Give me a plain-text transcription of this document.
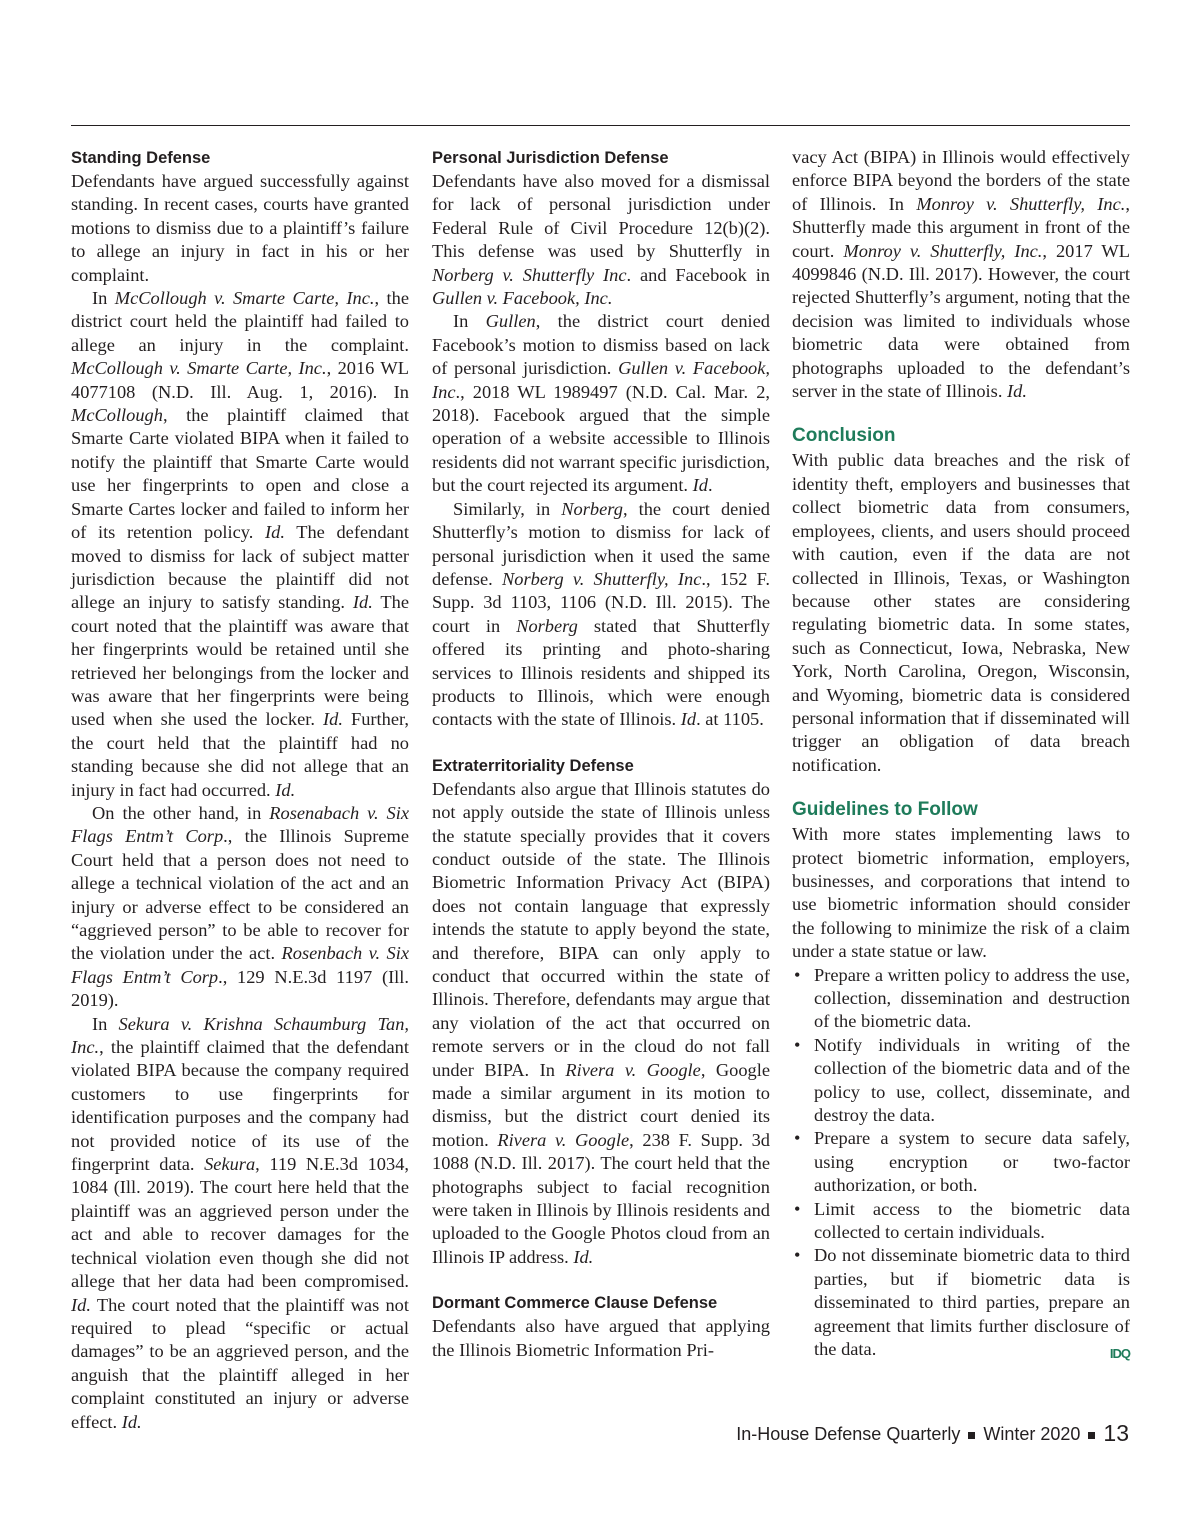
Standing Defense

Defendants have argued successfully against standing. In recent cases, courts have granted motions to dismiss due to a plaintiff’s failure to allege an injury in fact in his or her complaint.

In McCollough v. Smarte Carte, Inc., the district court held the plaintiff had failed to allege an injury in the complaint. McCollough v. Smarte Carte, Inc., 2016 WL 4077108 (N.D. Ill. Aug. 1, 2016). In McCollough, the plaintiff claimed that Smarte Carte violated BIPA when it failed to notify the plaintiff that Smarte Carte would use her fingerprints to open and close a Smarte Cartes locker and failed to inform her of its retention policy. Id. The defendant moved to dismiss for lack of subject matter jurisdiction because the plaintiff did not allege an injury to satisfy standing. Id. The court noted that the plaintiff was aware that her fingerprints would be retained until she retrieved her belongings from the locker and was aware that her fingerprints were being used when she used the locker. Id. Further, the court held that the plaintiff had no standing because she did not allege that an injury in fact had occurred. Id.

On the other hand, in Rosenabach v. Six Flags Entm’t Corp., the Illinois Supreme Court held that a person does not need to allege a technical violation of the act and an injury or adverse effect to be considered an “aggrieved person” to be able to recover for the violation under the act. Rosenbach v. Six Flags Entm’t Corp., 129 N.E.3d 1197 (Ill. 2019).

In Sekura v. Krishna Schaumburg Tan, Inc., the plaintiff claimed that the defendant violated BIPA because the company required customers to use fingerprints for identification purposes and the company had not provided notice of its use of the fingerprint data. Sekura, 119 N.E.3d 1034, 1084 (Ill. 2019). The court here held that the plaintiff was an aggrieved person under the act and able to recover damages for the technical violation even though she did not allege that her data had been compromised. Id. The court noted that the plaintiff was not required to plead “specific or actual damages” to be an aggrieved person, and the anguish that the plaintiff alleged in her complaint constituted an injury or adverse effect. Id.

Personal Jurisdiction Defense

Defendants have also moved for a dismissal for lack of personal jurisdiction under Federal Rule of Civil Procedure 12(b)(2). This defense was used by Shutterfly in Norberg v. Shutterfly Inc. and Facebook in Gullen v. Facebook, Inc.

In Gullen, the district court denied Facebook’s motion to dismiss based on lack of personal jurisdiction. Gullen v. Facebook, Inc., 2018 WL 1989497 (N.D. Cal. Mar. 2, 2018). Facebook argued that the simple operation of a website accessible to Illinois residents did not warrant specific jurisdiction, but the court rejected its argument. Id.

Similarly, in Norberg, the court denied Shutterfly’s motion to dismiss for lack of personal jurisdiction when it used the same defense. Norberg v. Shutterfly, Inc., 152 F. Supp. 3d 1103, 1106 (N.D. Ill. 2015). The court in Norberg stated that Shutterfly offered its printing and photo-sharing services to Illinois residents and shipped its products to Illinois, which were enough contacts with the state of Illinois. Id. at 1105.

Extraterritoriality Defense

Defendants also argue that Illinois statutes do not apply outside the state of Illinois unless the statute specially provides that it covers conduct outside of the state. The Illinois Biometric Information Privacy Act (BIPA) does not contain language that expressly intends the statute to apply beyond the state, and therefore, BIPA can only apply to conduct that occurred within the state of Illinois. Therefore, defendants may argue that any violation of the act that occurred on remote servers or in the cloud do not fall under BIPA. In Rivera v. Google, Google made a similar argument in its motion to dismiss, but the district court denied its motion. Rivera v. Google, 238 F. Supp. 3d 1088 (N.D. Ill. 2017). The court held that the photographs subject to facial recognition were taken in Illinois by Illinois residents and uploaded to the Google Photos cloud from an Illinois IP address. Id.

Dormant Commerce Clause Defense

Defendants also have argued that applying the Illinois Biometric Information Pri-

vacy Act (BIPA) in Illinois would effectively enforce BIPA beyond the borders of the state of Illinois. In Monroy v. Shutterfly, Inc., Shutterfly made this argument in front of the court. Monroy v. Shutterfly, Inc., 2017 WL 4099846 (N.D. Ill. 2017). However, the court rejected Shutterfly’s argument, noting that the decision was limited to individuals whose biometric data were obtained from photographs uploaded to the defendant’s server in the state of Illinois. Id.

Conclusion

With public data breaches and the risk of identity theft, employers and businesses that collect biometric data from consumers, employees, clients, and users should proceed with caution, even if the data are not collected in Illinois, Texas, or Washington because other states are considering regulating biometric data. In some states, such as Connecticut, Iowa, Nebraska, New York, North Carolina, Oregon, Wisconsin, and Wyoming, biometric data is considered personal information that if disseminated will trigger an obligation of data breach notification.

Guidelines to Follow

With more states implementing laws to protect biometric information, employers, businesses, and corporations that intend to use biometric information should consider the following to minimize the risk of a claim under a state statue or law.

• Prepare a written policy to address the use, collection, dissemination and destruction of the biometric data.
• Notify individuals in writing of the collection of the biometric data and of the policy to use, collect, disseminate, and destroy the data.
• Prepare a system to secure data safely, using encryption or two-factor authorization, or both.
• Limit access to the biometric data collected to certain individuals.
• Do not disseminate biometric data to third parties, but if biometric data is disseminated to third parties, prepare an agreement that limits further disclosure of the data.	IDQ
In-House Defense Quarterly Winter 2020 13
